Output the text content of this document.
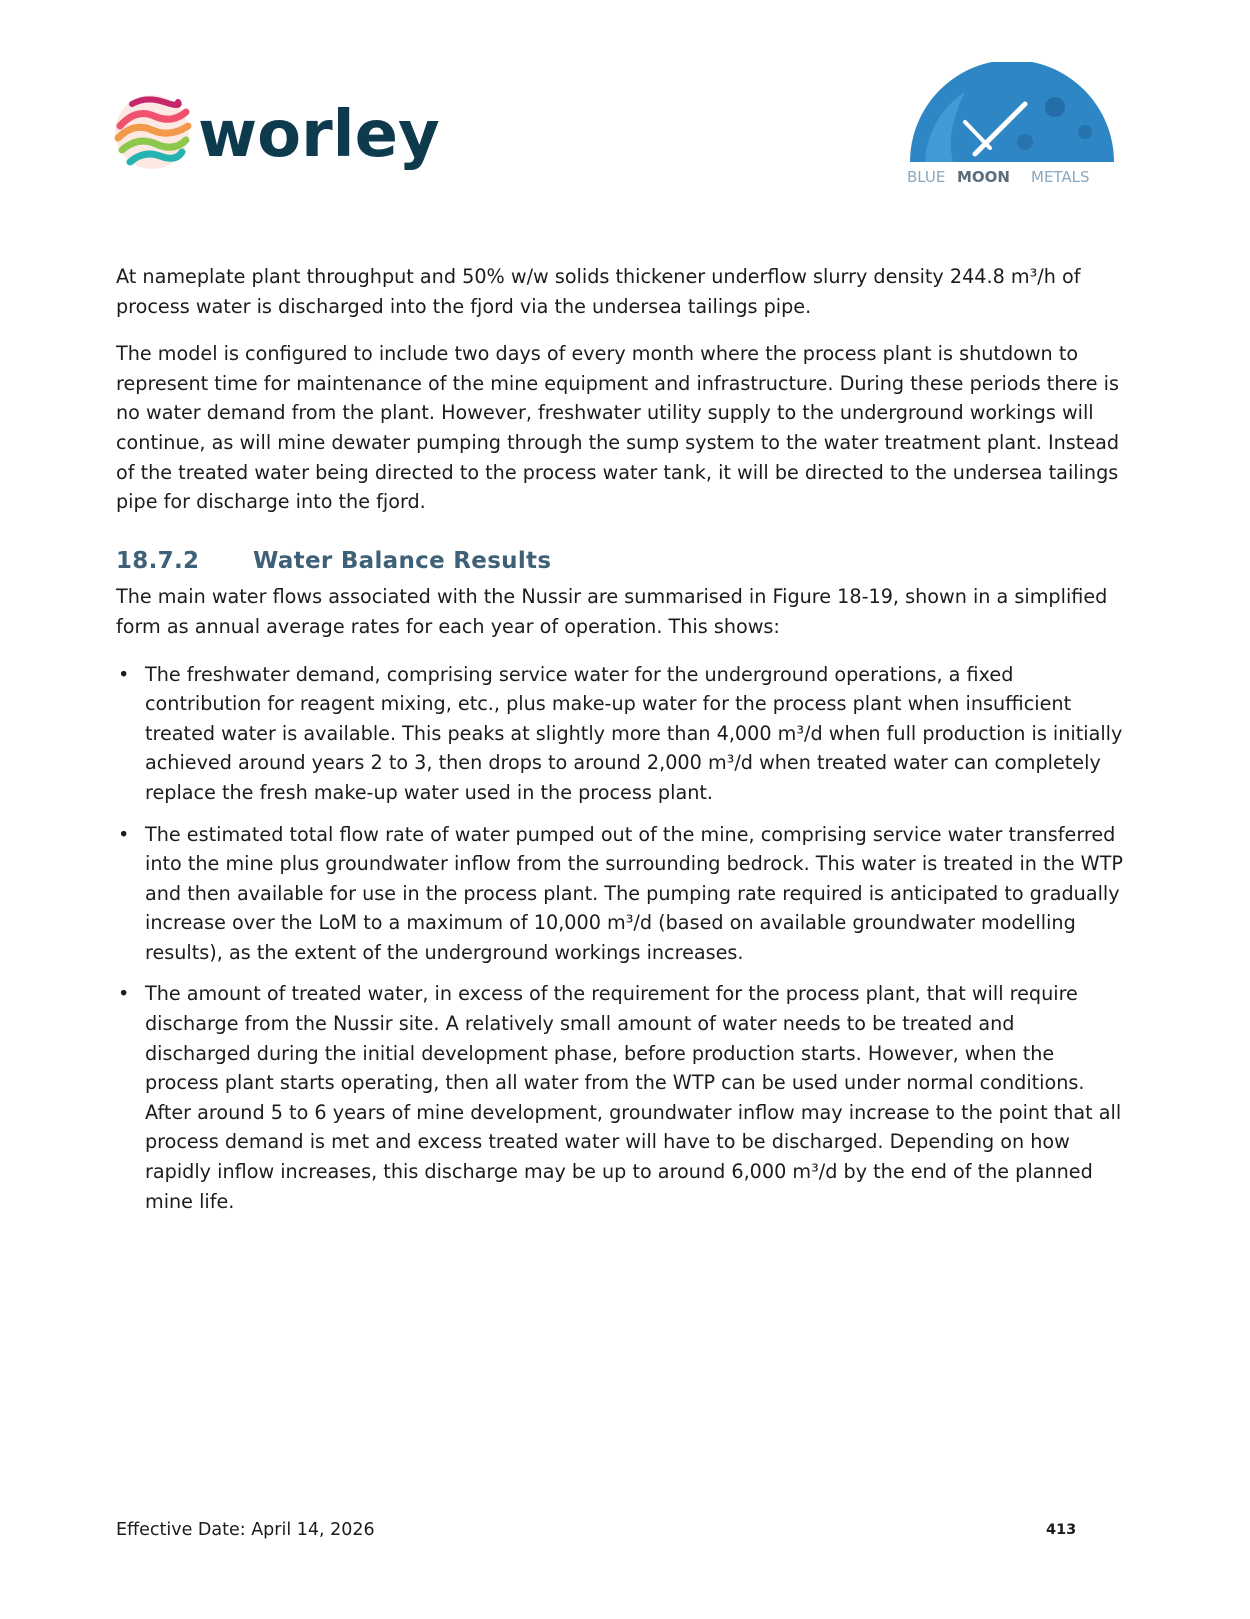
worley
BLUE MOON METALS

At nameplate plant throughput and 50% w/w solids thickener underflow slurry density 244.8 m³/h of process water is discharged into the fjord via the undersea tailings pipe.

The model is configured to include two days of every month where the process plant is shutdown to represent time for maintenance of the mine equipment and infrastructure. During these periods there is no water demand from the plant. However, freshwater utility supply to the underground workings will continue, as will mine dewater pumping through the sump system to the water treatment plant. Instead of the treated water being directed to the process water tank, it will be directed to the undersea tailings pipe for discharge into the fjord.

18.7.2 Water Balance Results

The main water flows associated with the Nussir are summarised in Figure 18-19, shown in a simplified form as annual average rates for each year of operation. This shows:

• The freshwater demand, comprising service water for the underground operations, a fixed contribution for reagent mixing, etc., plus make-up water for the process plant when insufficient treated water is available. This peaks at slightly more than 4,000 m³/d when full production is initially achieved around years 2 to 3, then drops to around 2,000 m³/d when treated water can completely replace the fresh make-up water used in the process plant.
• The estimated total flow rate of water pumped out of the mine, comprising service water transferred into the mine plus groundwater inflow from the surrounding bedrock. This water is treated in the WTP and then available for use in the process plant. The pumping rate required is anticipated to gradually increase over the LoM to a maximum of 10,000 m³/d (based on available groundwater modelling results), as the extent of the underground workings increases.
• The amount of treated water, in excess of the requirement for the process plant, that will require discharge from the Nussir site. A relatively small amount of water needs to be treated and discharged during the initial development phase, before production starts. However, when the process plant starts operating, then all water from the WTP can be used under normal conditions. After around 5 to 6 years of mine development, groundwater inflow may increase to the point that all process demand is met and excess treated water will have to be discharged. Depending on how rapidly inflow increases, this discharge may be up to around 6,000 m³/d by the end of the planned mine life.
Effective Date: April 14, 2026	413
